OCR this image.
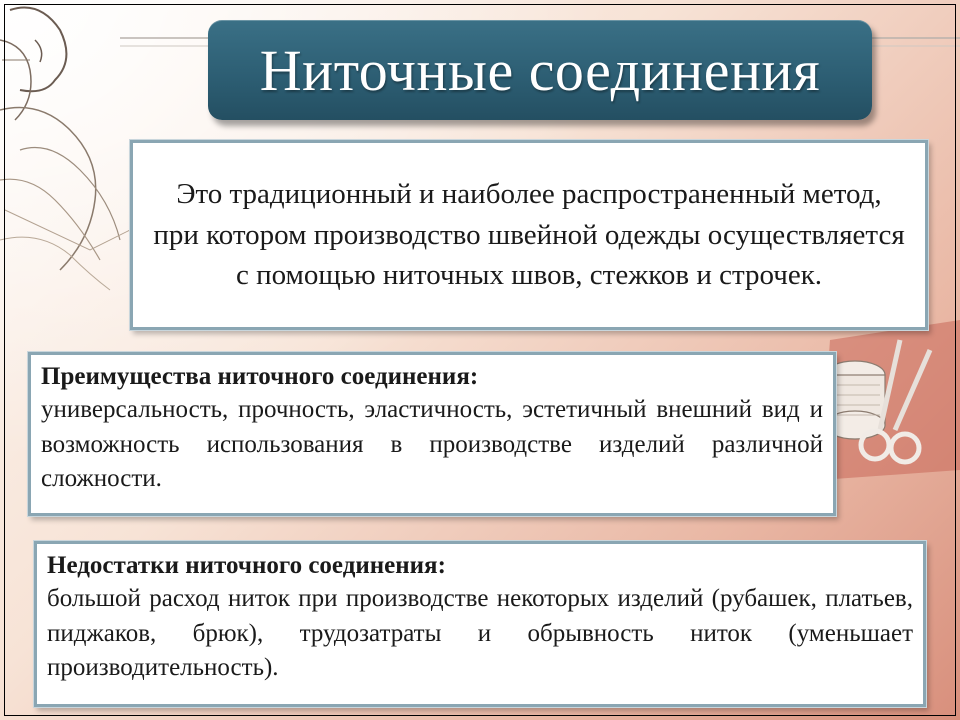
Ниточные соединения

Это традиционный и наиболее распространенный метод, при котором производство швейной одежды осуществляется с помощью ниточных швов, стежков и строчек.

Преимущества ниточного соединения:

универсальность, прочность, эластичность, эстетичный внешний вид и возможность использования в производстве изделий различной сложности.

Недостатки ниточного соединения:

большой расход ниток при производстве некоторых изделий (рубашек, платьев, пиджаков, брюк), трудозатраты и обрывность ниток (уменьшает производительность).
